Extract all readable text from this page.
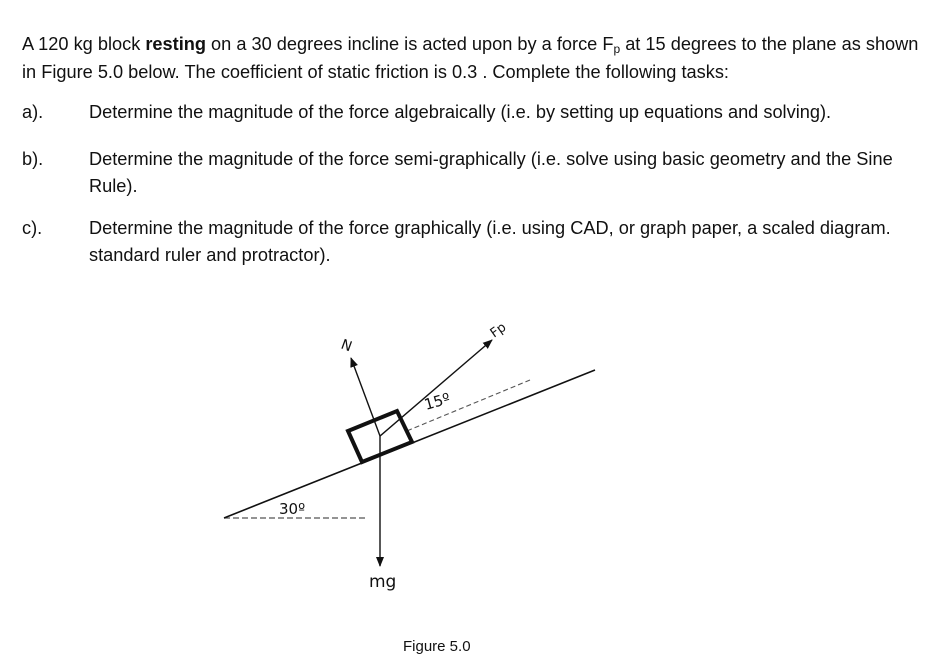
A 120 kg block resting on a 30 degrees incline is acted upon by a force $F_p$ at 15 degrees to the plane as shown in Figure 5.0 below. The coefficient of static friction is 0.3 . Complete the following tasks:
a).	Determine the magnitude of the force algebraically (i.e. by setting up equations and solving).
b).	Determine the magnitude of the force semi-graphically (i.e. solve using basic geometry and the Sine Rule).
c).	Determine the magnitude of the force graphically (i.e. using CAD, or graph paper, a scaled diagram. standard ruler and protractor).
30º
15º
N
Fp
mg
Figure 5.0
